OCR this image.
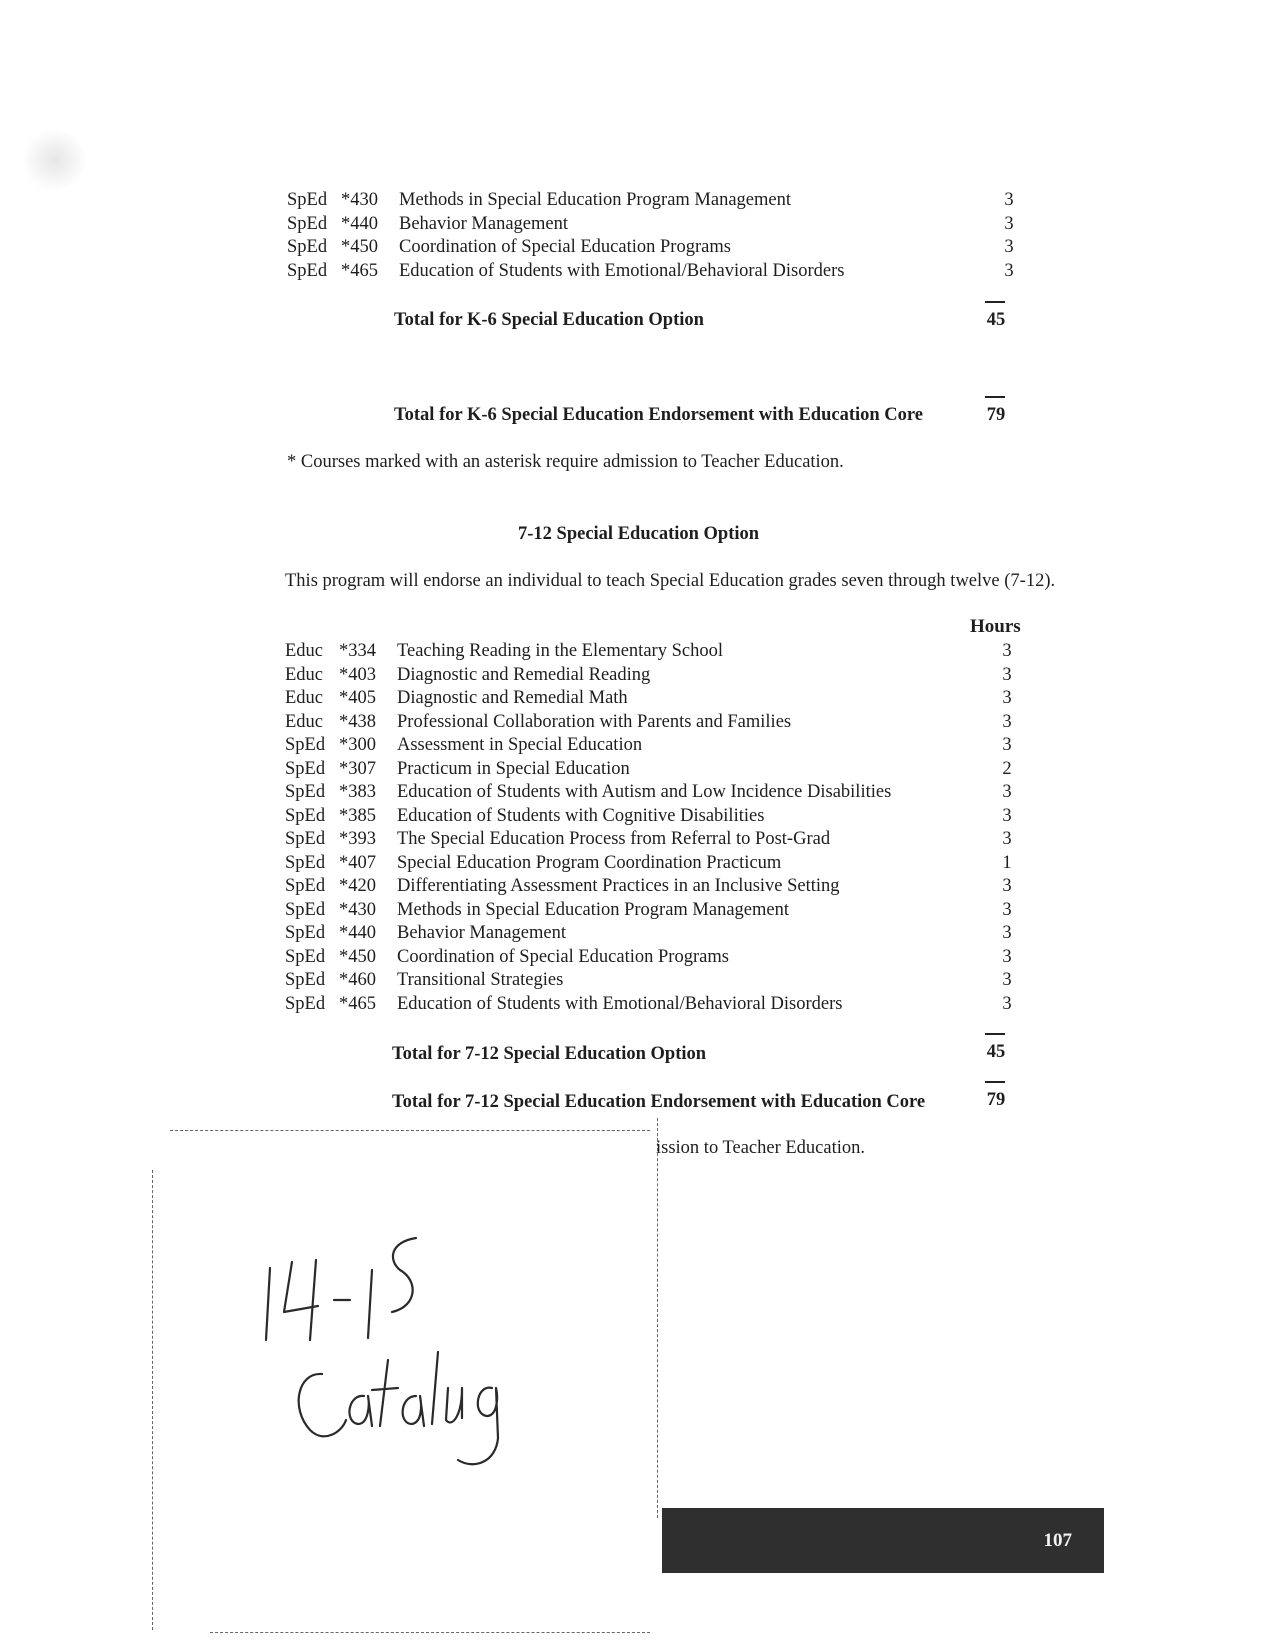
SpEd	*430	Methods in Special Education Program Management	3
SpEd	*440	Behavior Management	3
SpEd	*450	Coordination of Special Education Programs	3
SpEd	*465	Education of Students with Emotional/Behavioral Disorders	3
Total for K-6 Special Education Option	45
Total for K-6 Special Education Endorsement with Education Core	79
* Courses marked with an asterisk require admission to Teacher Education.
7-12 Special Education Option
This program will endorse an individual to teach Special Education grades seven through twelve (7-12).
Hours
Educ	*334	Teaching Reading in the Elementary School	3
Educ	*403	Diagnostic and Remedial Reading	3
Educ	*405	Diagnostic and Remedial Math	3
Educ	*438	Professional Collaboration with Parents and Families	3
SpEd	*300	Assessment in Special Education	3
SpEd	*307	Practicum in Special Education	2
SpEd	*383	Education of Students with Autism and Low Incidence Disabilities	3
SpEd	*385	Education of Students with Cognitive Disabilities	3
SpEd	*393	The Special Education Process from Referral to Post-Grad	3
SpEd	*407	Special Education Program Coordination Practicum	1
SpEd	*420	Differentiating Assessment Practices in an Inclusive Setting	3
SpEd	*430	Methods in Special Education Program Management	3
SpEd	*440	Behavior Management	3
SpEd	*450	Coordination of Special Education Programs	3
SpEd	*460	Transitional Strategies	3
SpEd	*465	Education of Students with Emotional/Behavioral Disorders	3
Total for 7-12 Special Education Option	45
Total for 7-12 Special Education Endorsement with Education Core	79
ission to Teacher Education.
107
